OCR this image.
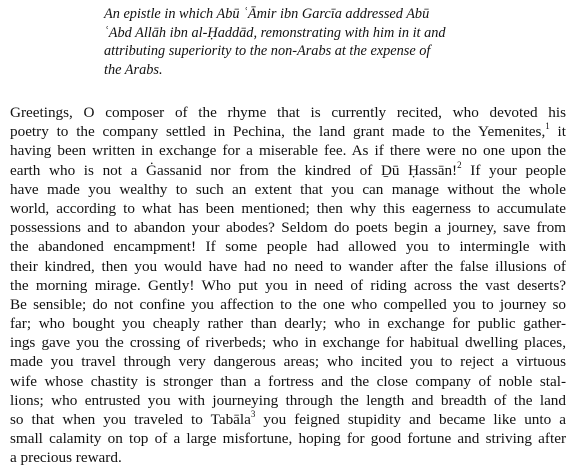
An epistle in which Abū ʿĀmir ibn Garcīa addressed Abū
ʿAbd Allāh ibn al-Ḥaddād, remonstrating with him in it and
attributing superiority to the non-Arabs at the expense of
the Arabs.
Greetings, O composer of the rhyme that is currently recited, who devoted his
poetry to the company settled in Pechina, the land grant made to the Yemenites,$^1$ it
having been written in exchange for a miserable fee. As if there were no one upon the
earth who is not a Ġassanid nor from the kindred of Ḏū Ḥassān!$^2$ If your people
have made you wealthy to such an extent that you can manage without the whole
world, according to what has been mentioned; then why this eagerness to accumulate
possessions and to abandon your abodes? Seldom do poets begin a journey, save from
the abandoned encampment! If some people had allowed you to intermingle with
their kindred, then you would have had no need to wander after the false illusions of
the morning mirage. Gently! Who put you in need of riding across the vast deserts?
Be sensible; do not confine you affection to the one who compelled you to journey so
far; who bought you cheaply rather than dearly; who in exchange for public gather-
ings gave you the crossing of riverbeds; who in exchange for habitual dwelling places,
made you travel through very dangerous areas; who incited you to reject a virtuous
wife whose chastity is stronger than a fortress and the close company of noble stal-
lions; who entrusted you with journeying through the length and breadth of the land
so that when you traveled to Tabāla$^3$ you feigned stupidity and became like unto a
small calamity on top of a large misfortune, hoping for good fortune and striving after
a precious reward.
